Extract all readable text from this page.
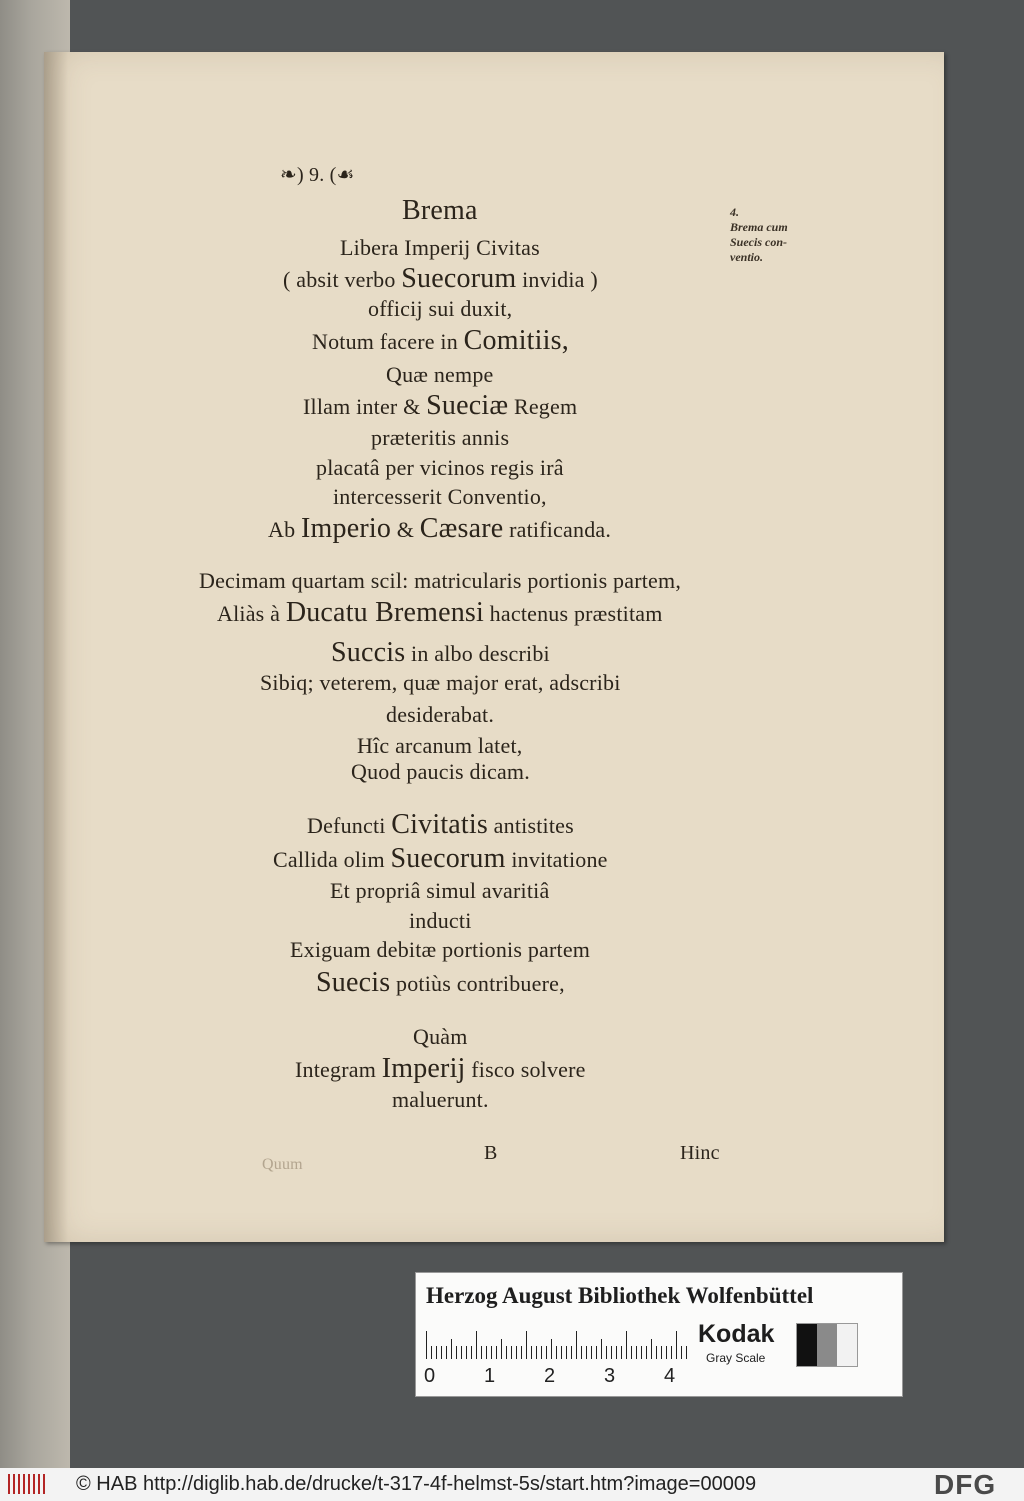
❧) 9. (☙
Brema
Libera Imperij Civitas
( absit verbo Suecorum invidia )
officij sui duxit,
Notum facere in Comitiis,
Quæ nempe
Illam inter & Sueciæ Regem
præteritis annis
placatâ per vicinos regis irâ
intercesserit Conventio,
Ab Imperio & Cæsare ratificanda.
Decimam quartam scil: matricularis portionis partem,
Aliàs à Ducatu Bremensi hactenus præstitam
Succis in albo describi
Sibiq; veterem, quæ major erat, adscribi
desiderabat.
Hîc arcanum latet,
Quod paucis dicam.
Defuncti Civitatis antistites
Callida olim Suecorum invitatione
Et propriâ simul avaritiâ
inducti
Exiguam debitæ portionis partem
Suecis potiùs contribuere,
Quàm
Integram Imperij fisco solvere
maluerunt.
4.
Brema cum
Suecis con-
ventio.
Quum
B	Hinc
Herzog August Bibliothek Wolfenbüttel
0 1 2 3 4
Kodak
Gray Scale
© HAB http://diglib.hab.de/drucke/t-317-4f-helmst-5s/start.htm?image=00009	DFG
